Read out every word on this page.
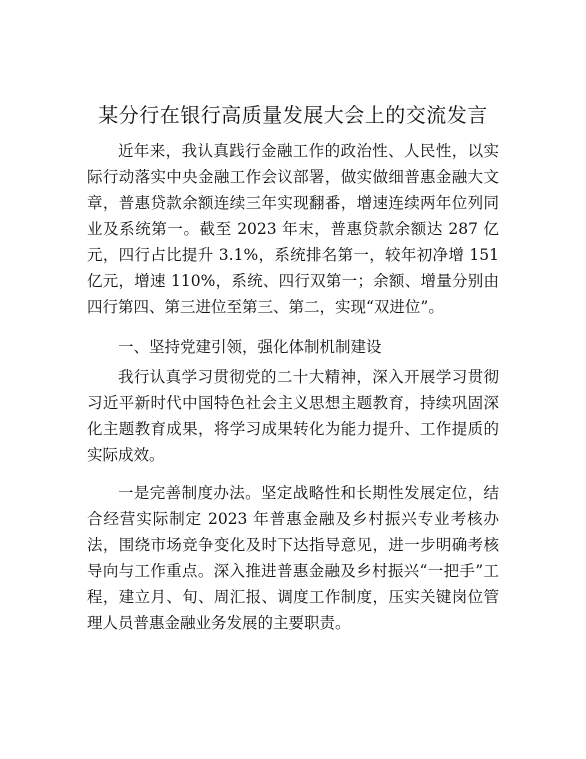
某分行在银行高质量发展大会上的交流发言

近年来，我认真践行金融工作的政治性、人民性，以实际行动落实中央金融工作会议部署，做实做细普惠金融大文章，普惠贷款余额连续三年实现翻番，增速连续两年位列同业及系统第一。截至 2023 年末，普惠贷款余额达 287 亿元，四行占比提升 3.1%，系统排名第一，较年初净增 151 亿元，增速 110%，系统、四行双第一；余额、增量分别由四行第四、第三进位至第三、第二，实现“双进位”。

一、坚持党建引领，强化体制机制建设

我行认真学习贯彻党的二十大精神，深入开展学习贯彻习近平新时代中国特色社会主义思想主题教育，持续巩固深化主题教育成果，将学习成果转化为能力提升、工作提质的实际成效。

一是完善制度办法。坚定战略性和长期性发展定位，结合经营实际制定 2023 年普惠金融及乡村振兴专业考核办法，围绕市场竞争变化及时下达指导意见，进一步明确考核导向与工作重点。深入推进普惠金融及乡村振兴“一把手”工程，建立月、旬、周汇报、调度工作制度，压实关键岗位管理人员普惠金融业务发展的主要职责。
